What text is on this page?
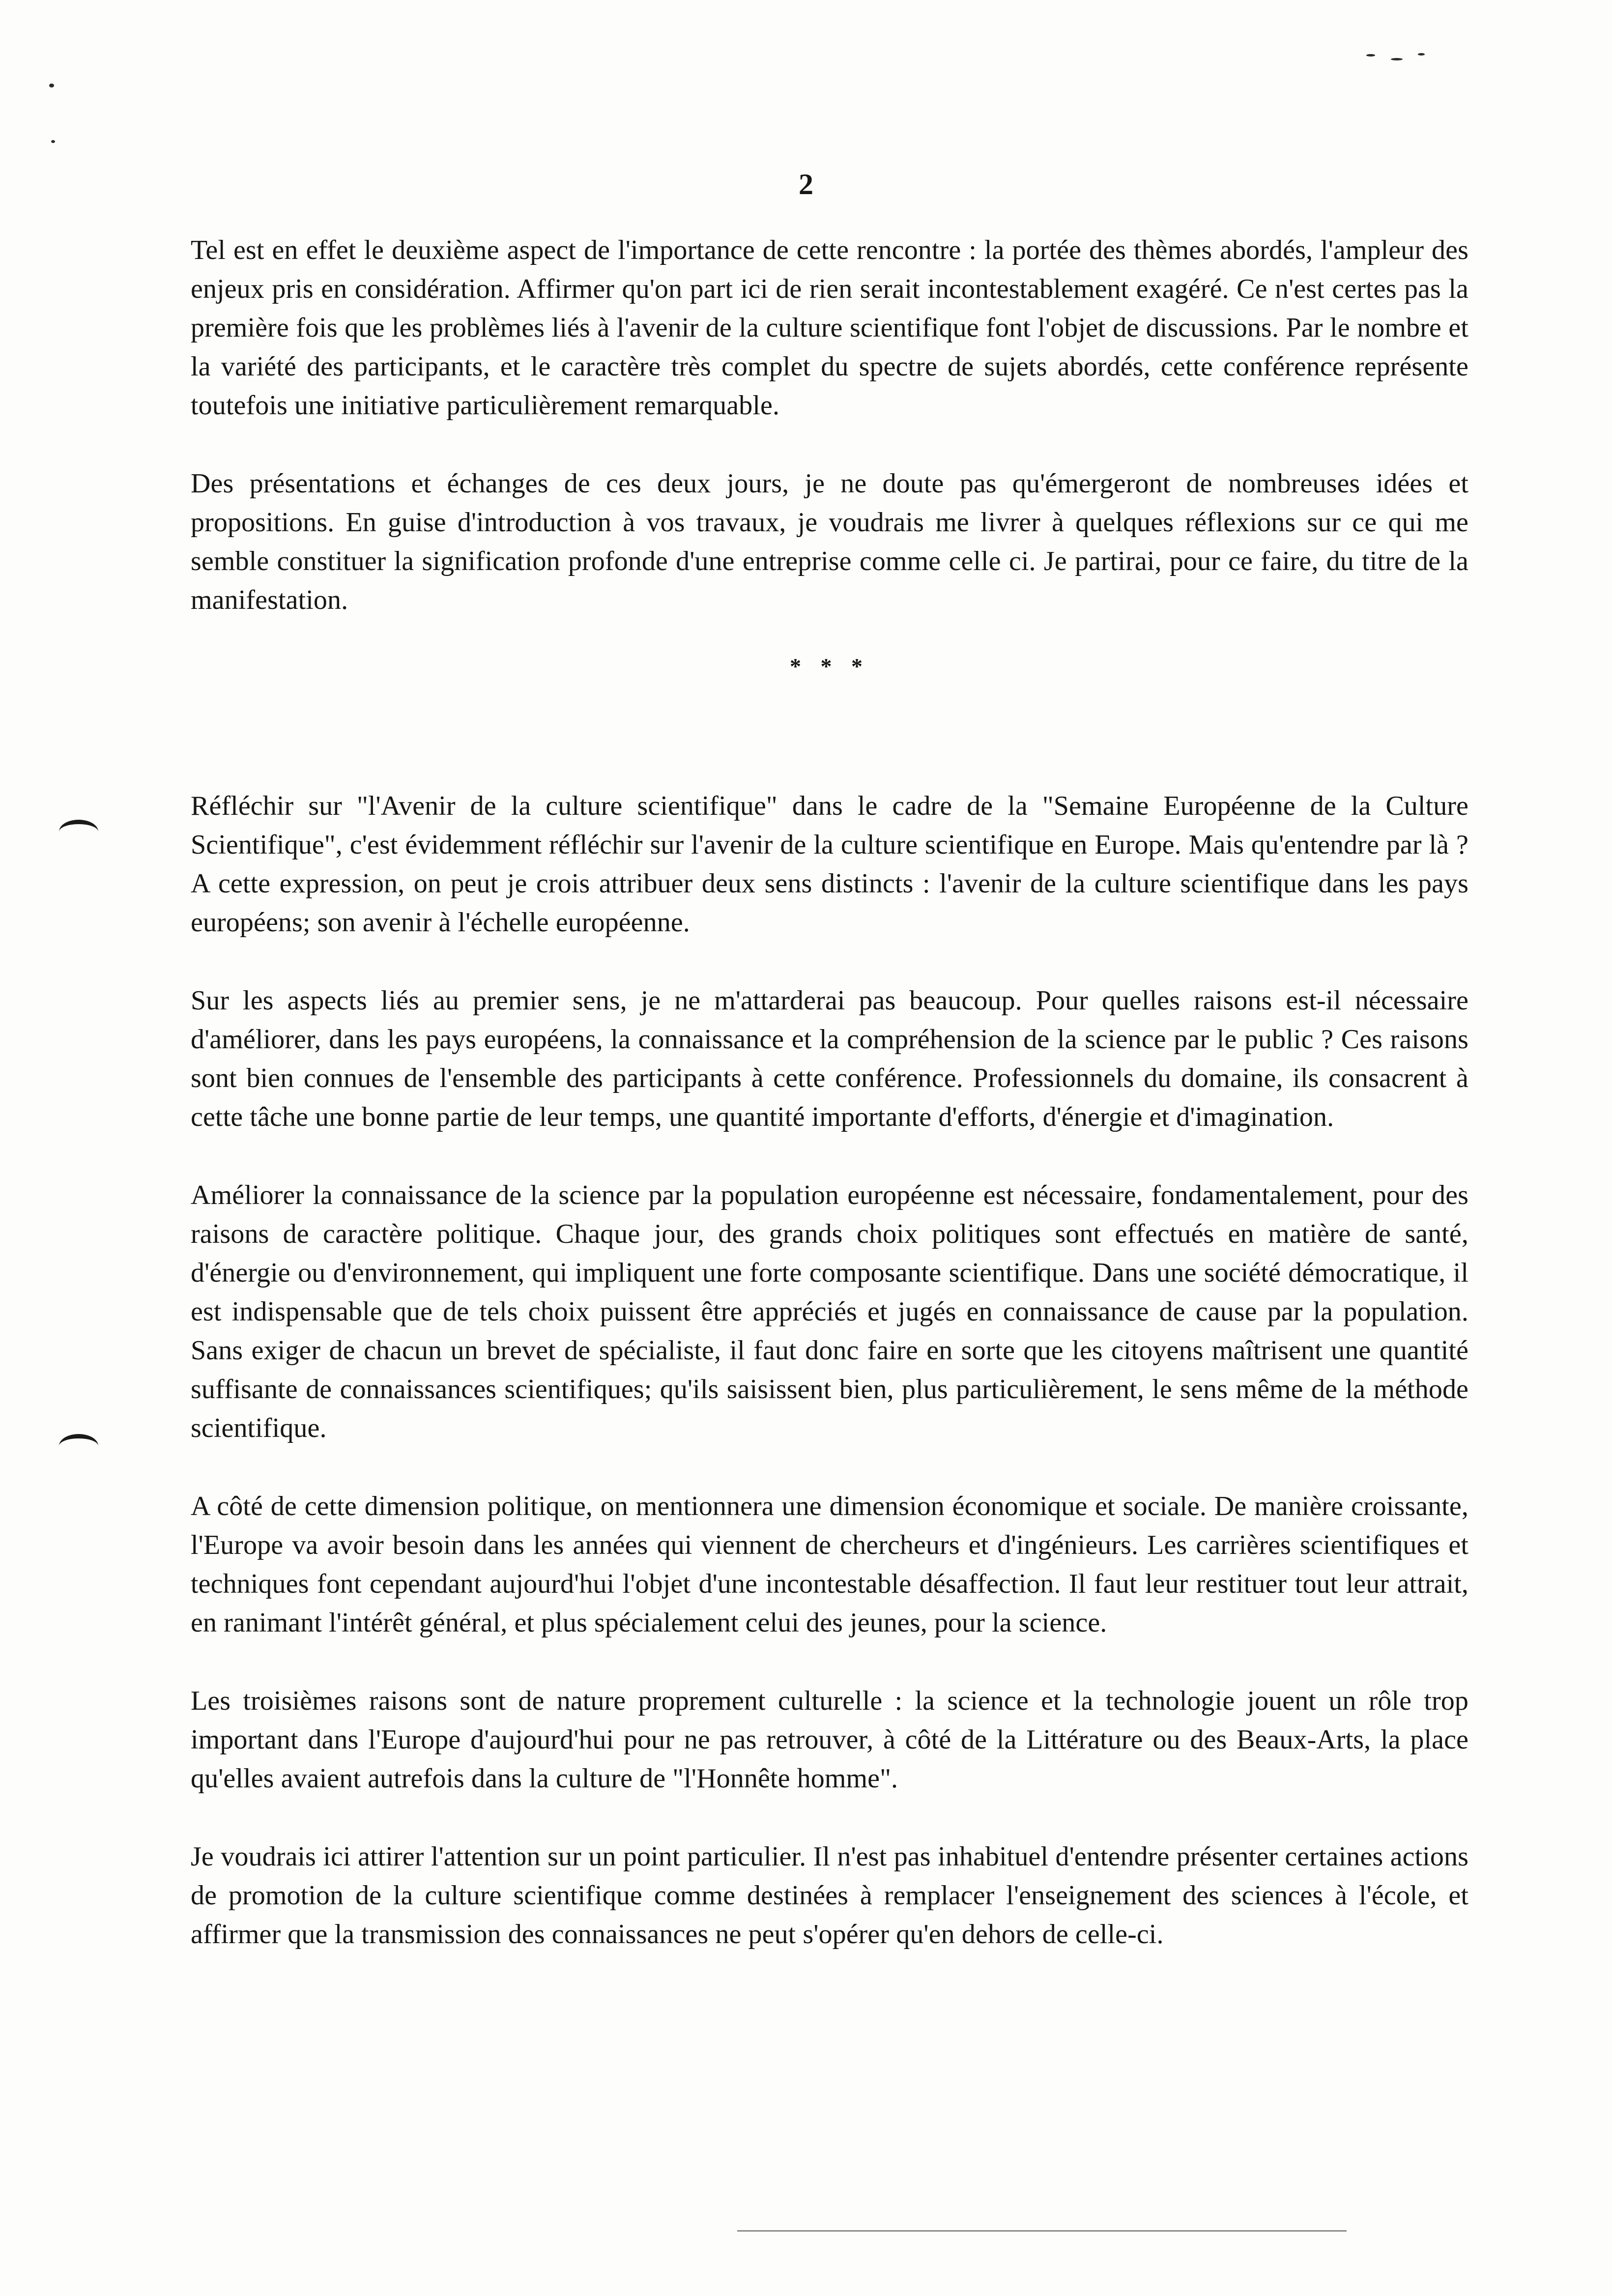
2

Tel est en effet le deuxième aspect de l'importance de cette rencontre : la portée des thèmes abordés, l'ampleur des enjeux pris en considération. Affirmer qu'on part ici de rien serait incontestablement exagéré. Ce n'est certes pas la première fois que les problèmes liés à l'avenir de la culture scientifique font l'objet de discussions. Par le nombre et la variété des participants, et le caractère très complet du spectre de sujets abordés, cette conférence représente toutefois une initiative particulièrement remarquable.

Des présentations et échanges de ces deux jours, je ne doute pas qu'émergeront de nombreuses idées et propositions. En guise d'introduction à vos travaux, je voudrais me livrer à quelques réflexions sur ce qui me semble constituer la signification profonde d'une entreprise comme celle ci. Je partirai, pour ce faire, du titre de la manifestation.

* * *

Réfléchir sur "l'Avenir de la culture scientifique" dans le cadre de la "Semaine Européenne de la Culture Scientifique", c'est évidemment réfléchir sur l'avenir de la culture scientifique en Europe. Mais qu'entendre par là ? A cette expression, on peut je crois attribuer deux sens distincts : l'avenir de la culture scientifique dans les pays européens; son avenir à l'échelle européenne.

Sur les aspects liés au premier sens, je ne m'attarderai pas beaucoup. Pour quelles raisons est-il nécessaire d'améliorer, dans les pays européens, la connaissance et la compréhension de la science par le public ? Ces raisons sont bien connues de l'ensemble des participants à cette conférence. Professionnels du domaine, ils consacrent à cette tâche une bonne partie de leur temps, une quantité importante d'efforts, d'énergie et d'imagination.

Améliorer la connaissance de la science par la population européenne est nécessaire, fondamentalement, pour des raisons de caractère politique. Chaque jour, des grands choix politiques sont effectués en matière de santé, d'énergie ou d'environnement, qui impliquent une forte composante scientifique. Dans une société démocratique, il est indispensable que de tels choix puissent être appréciés et jugés en connaissance de cause par la population. Sans exiger de chacun un brevet de spécialiste, il faut donc faire en sorte que les citoyens maîtrisent une quantité suffisante de connaissances scientifiques; qu'ils saisissent bien, plus particulièrement, le sens même de la méthode scientifique.

A côté de cette dimension politique, on mentionnera une dimension économique et sociale. De manière croissante, l'Europe va avoir besoin dans les années qui viennent de chercheurs et d'ingénieurs. Les carrières scientifiques et techniques font cependant aujourd'hui l'objet d'une incontestable désaffection. Il faut leur restituer tout leur attrait, en ranimant l'intérêt général, et plus spécialement celui des jeunes, pour la science.

Les troisièmes raisons sont de nature proprement culturelle : la science et la technologie jouent un rôle trop important dans l'Europe d'aujourd'hui pour ne pas retrouver, à côté de la Littérature ou des Beaux-Arts, la place qu'elles avaient autrefois dans la culture de "l'Honnête homme".

Je voudrais ici attirer l'attention sur un point particulier. Il n'est pas inhabituel d'entendre présenter certaines actions de promotion de la culture scientifique comme destinées à remplacer l'enseignement des sciences à l'école, et affirmer que la transmission des connaissances ne peut s'opérer qu'en dehors de celle-ci.
